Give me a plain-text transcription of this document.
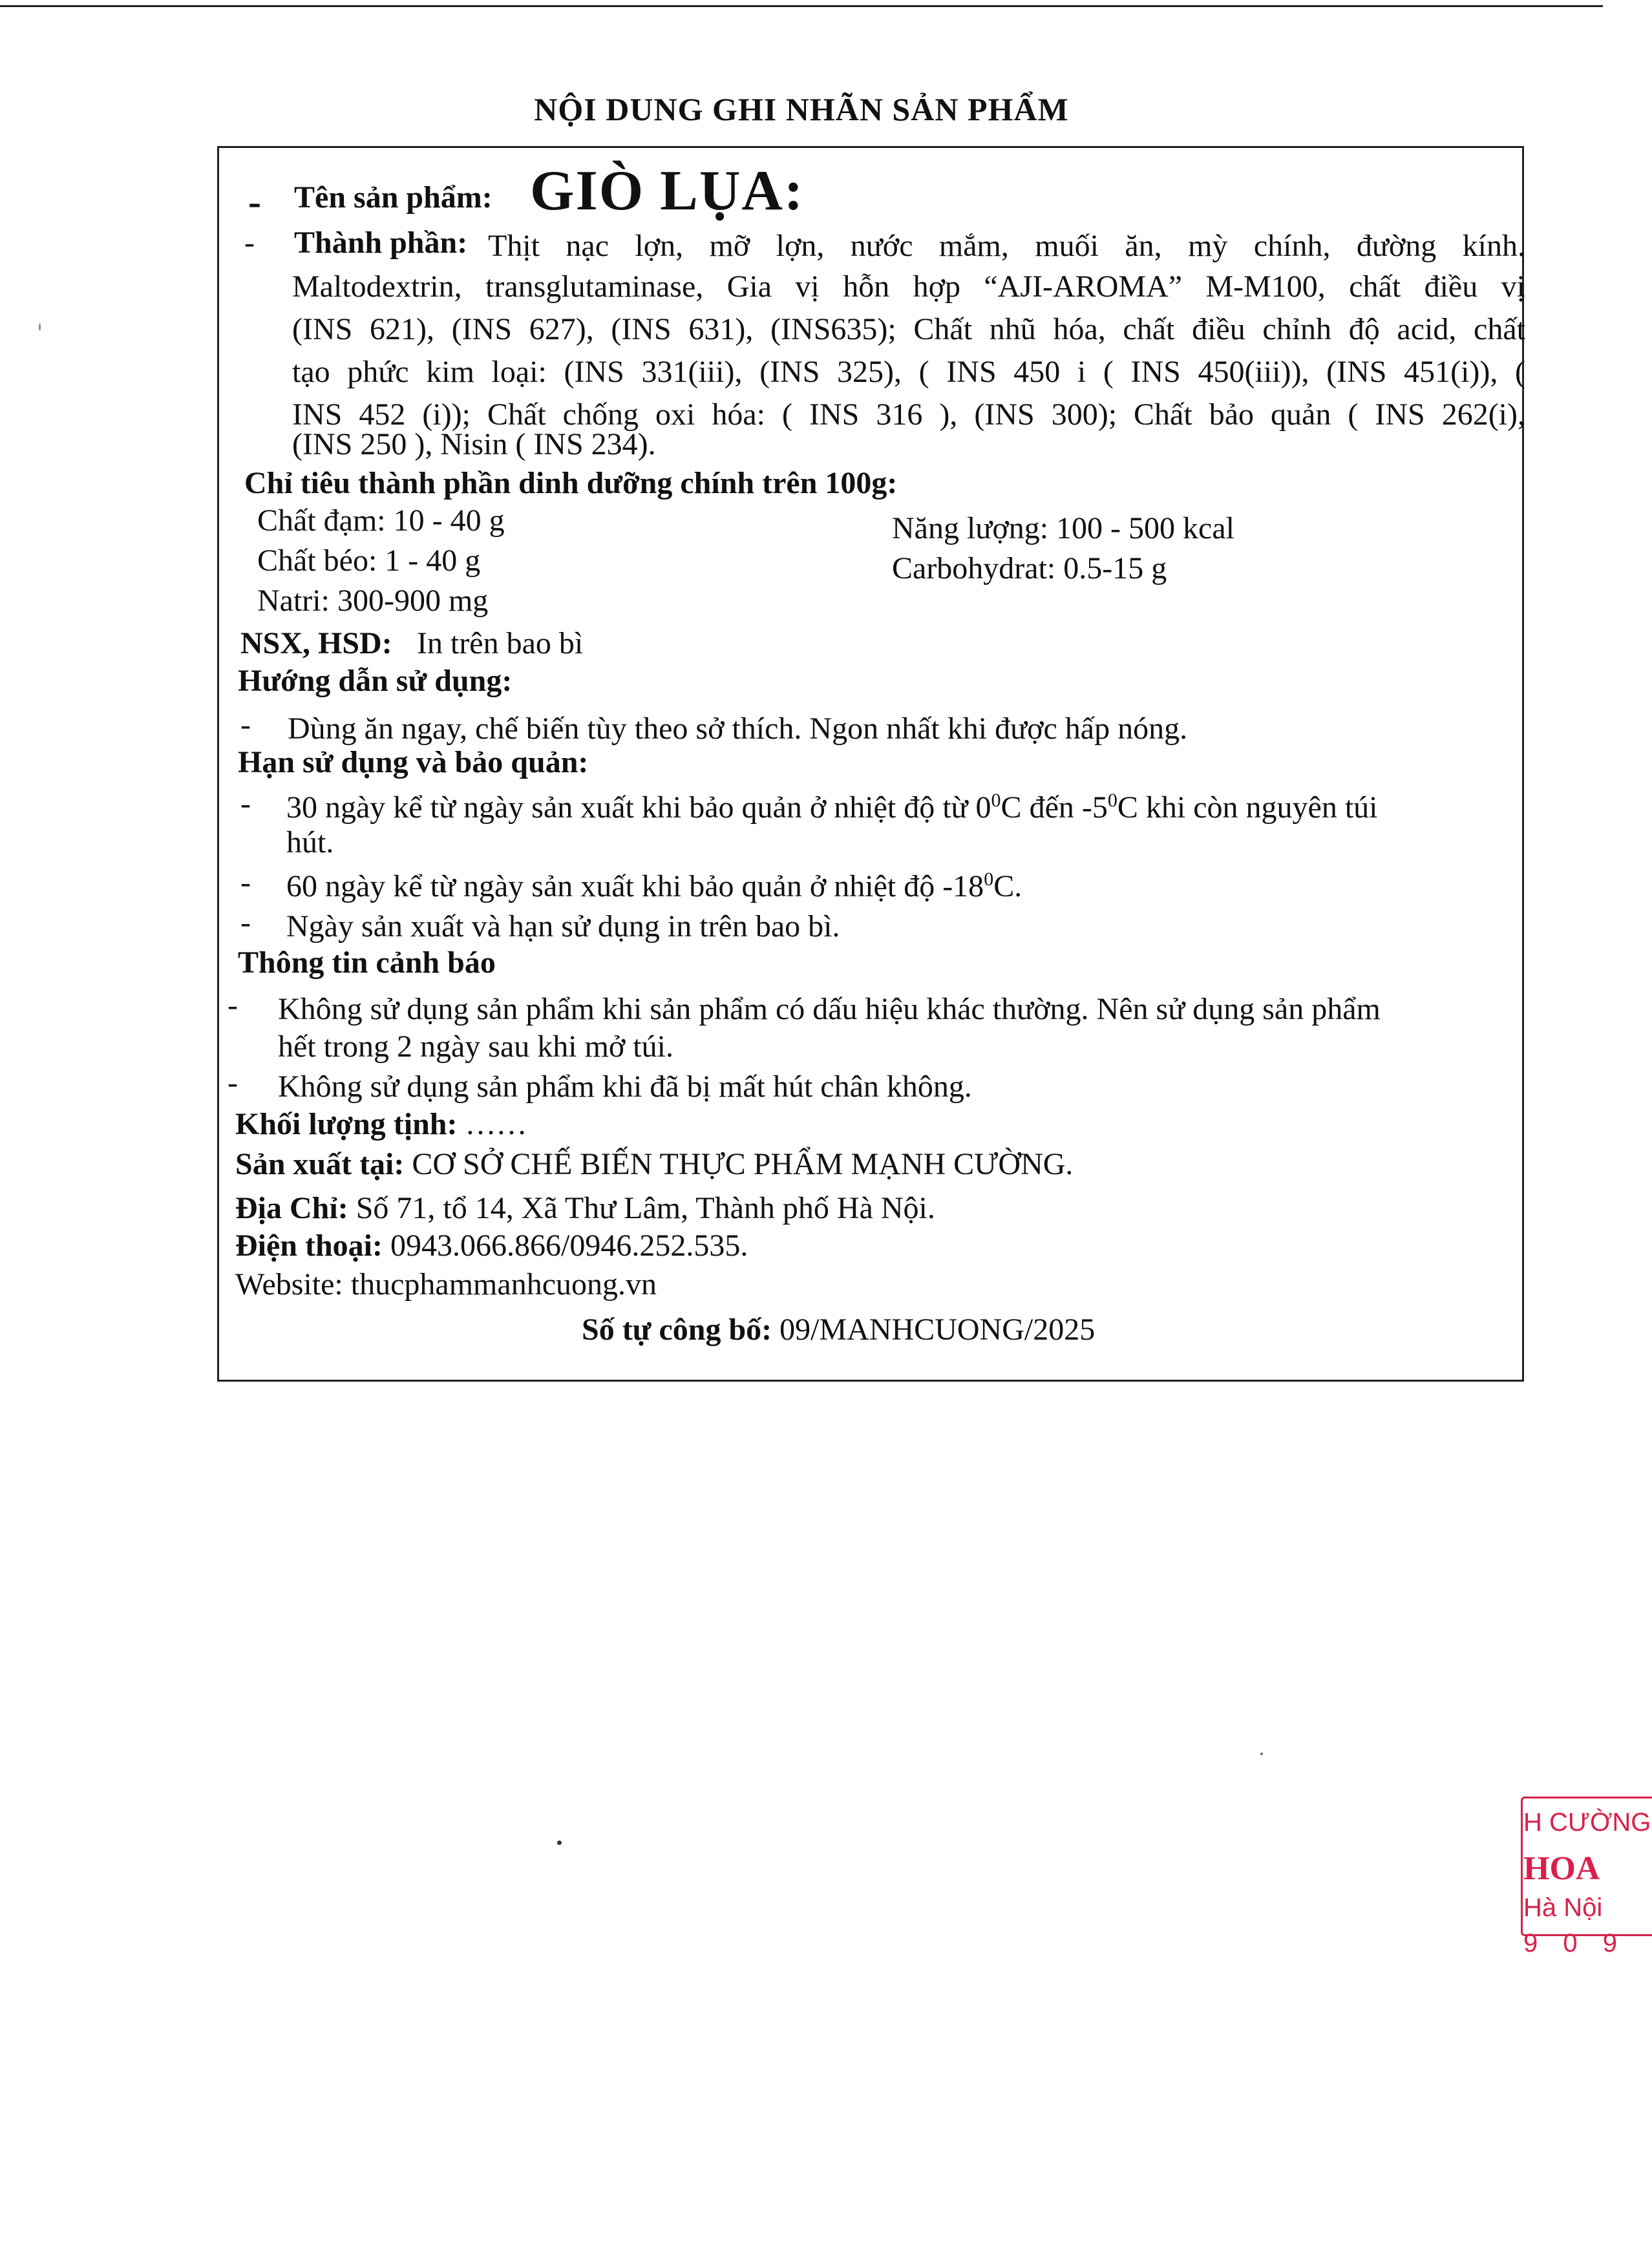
NỘI DUNG GHI NHÃN SẢN PHẨM
- Tên sản phẩm: GIÒ LỤA:
- Thành phần: Thịt nạc lợn, mỡ lợn, nước mắm, muối ăn, mỳ chính, đường kính.
Maltodextrin, transglutaminase, Gia vị hỗn hợp “AJI-AROMA” M-M100, chất điều vị
(INS 621), (INS 627), (INS 631), (INS635); Chất nhũ hóa, chất điều chỉnh độ acid, chất
tạo phức kim loại: (INS 331(iii), (INS 325), ( INS 450 i ( INS 450(iii)), (INS 451(i)), (
INS 452 (i)); Chất chống oxi hóa: ( INS 316 ), (INS 300); Chất bảo quản ( INS 262(i),
(INS 250 ), Nisin ( INS 234).
Chỉ tiêu thành phần dinh dưỡng chính trên 100g:
Chất đạm: 10 - 40 g	Năng lượng: 100 - 500 kcal
Chất béo: 1 - 40 g	Carbohydrat: 0.5-15 g
Natri: 300-900 mg
NSX, HSD: In trên bao bì
Hướng dẫn sử dụng:
- Dùng ăn ngay, chế biến tùy theo sở thích. Ngon nhất khi được hấp nóng.
Hạn sử dụng và bảo quản:
- 30 ngày kể từ ngày sản xuất khi bảo quản ở nhiệt độ từ $0^0C$ đến $-5^0C$ khi còn nguyên túi
hút.
- 60 ngày kể từ ngày sản xuất khi bảo quản ở nhiệt độ $-18^0C$.
- Ngày sản xuất và hạn sử dụng in trên bao bì.
Thông tin cảnh báo
- Không sử dụng sản phẩm khi sản phẩm có dấu hiệu khác thường. Nên sử dụng sản phẩm
hết trong 2 ngày sau khi mở túi.
- Không sử dụng sản phẩm khi đã bị mất hút chân không.
Khối lượng tịnh: ……
Sản xuất tại: CƠ SỞ CHẾ BIẾN THỰC PHẨM MẠNH CƯỜNG.
Địa Chỉ: Số 71, tổ 14, Xã Thư Lâm, Thành phố Hà Nội.
Điện thoại: 0943.066.866/0946.252.535.
Website: thucphammanhcuong.vn
Số tự công bố: 09/MANHCUONG/2025
H CƯỜNG
HOA
Hà Nội
9 0 9
